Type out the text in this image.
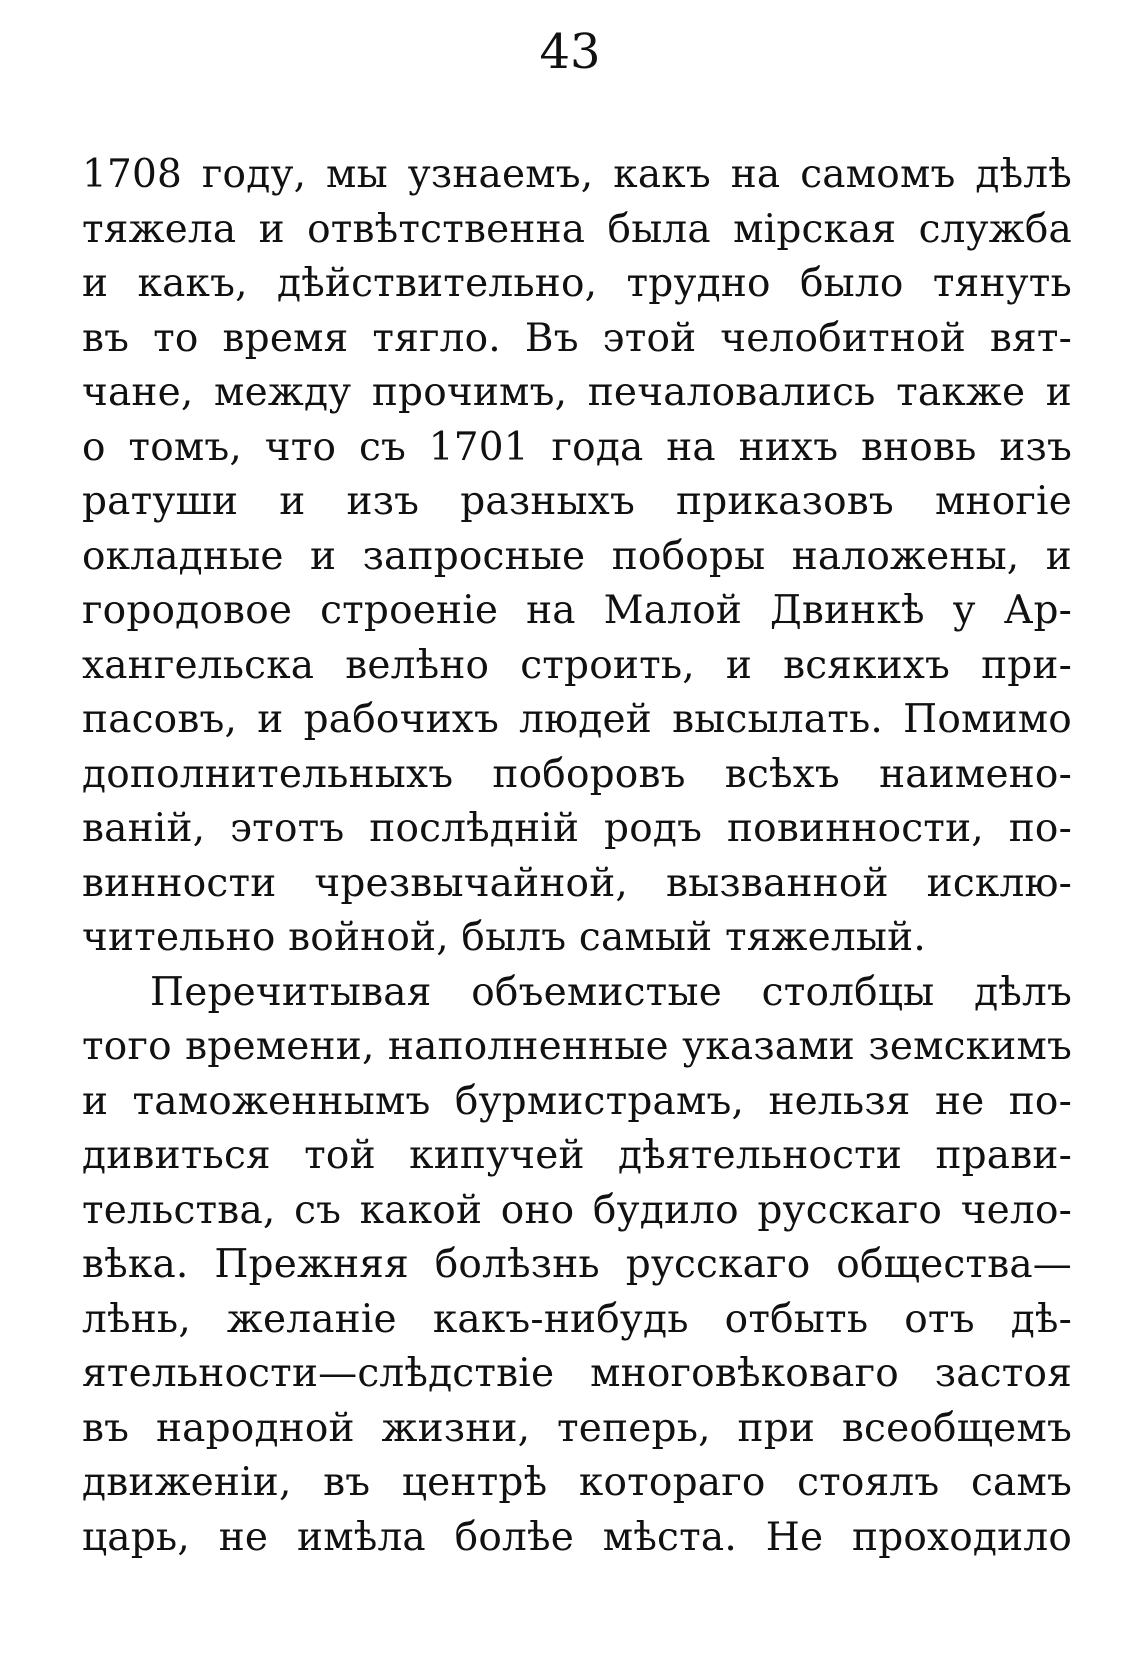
43
1708 году, мы узнаемъ, какъ на самомъ дѣлѣ
тяжела и отвѣтственна была мірская служба
и какъ, дѣйствительно, трудно было тянуть
въ то время тягло. Въ этой челобитной вят-
чане, между прочимъ, печаловались также и
о томъ, что съ 1701 года на нихъ вновь изъ
ратуши и изъ разныхъ приказовъ многіе
окладные и запросные поборы наложены, и
городовое строеніе на Малой Двинкѣ у Ар-
хангельска велѣно строить, и всякихъ при-
пасовъ, и рабочихъ людей высылать. Помимо
дополнительныхъ поборовъ всѣхъ наимено-
ваній, этотъ послѣдній родъ повинности, по-
винности чрезвычайной, вызванной исклю-
чительно войной, былъ самый тяжелый.
Перечитывая объемистые столбцы дѣлъ
того времени, наполненные указами земскимъ
и таможеннымъ бурмистрамъ, нельзя не по-
дивиться той кипучей дѣятельности прави-
тельства, съ какой оно будило русскаго чело-
вѣка. Прежняя болѣзнь русскаго общества—
лѣнь, желаніе какъ-нибудь отбыть отъ дѣ-
ятельности—слѣдствіе многовѣковаго застоя
въ народной жизни, теперь, при всеобщемъ
движеніи, въ центрѣ котораго стоялъ самъ
царь, не имѣла болѣе мѣста. Не проходило
